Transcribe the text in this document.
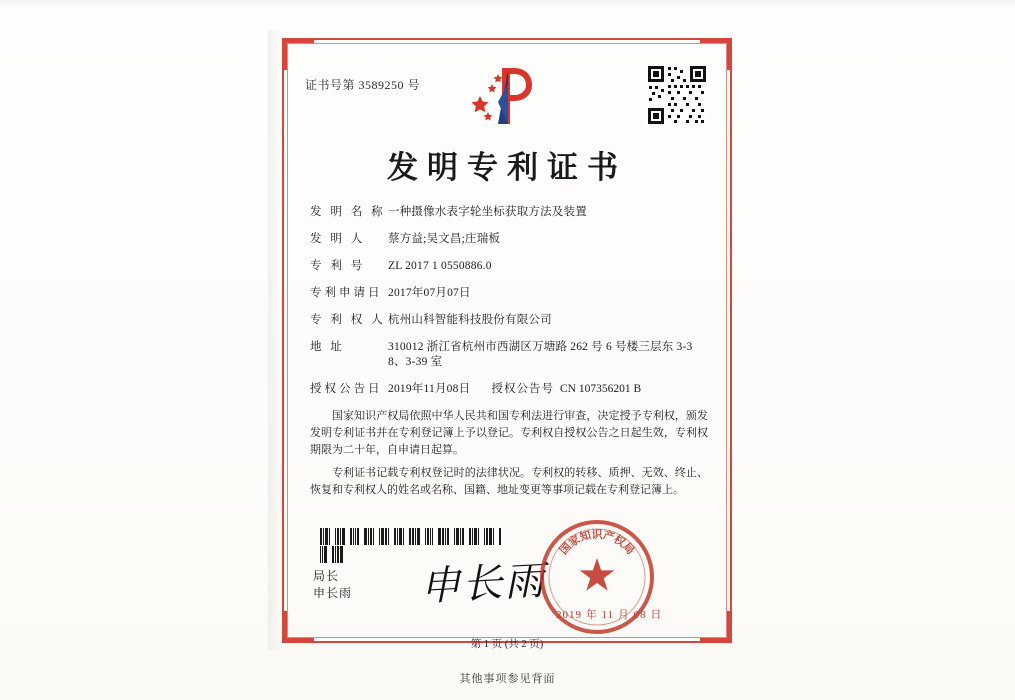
证书号第 3589250 号
发明专利证书
发 明 名 称 一种摄像水表字轮坐标获取方法及装置
发 明 人	蔡方益;吴文昌;庄瑞板
专 利 号	ZL 2017 1 0550886.0
专利申请日 2017年07月07日
专 利 权 人 杭州山科智能科技股份有限公司
地 址	310012 浙江省杭州市西湖区万塘路 262 号 6 号楼三层东 3-38、3-39 室
授权公告日 2019年11月08日	授权公告号 CN 107356201 B

国家知识产权局依照中华人民共和国专利法进行审查，决定授予专利权，颁发发明专利证书并在专利登记簿上予以登记。专利权自授权公告之日起生效，专利权期限为二十年，自申请日起算。

专利证书记载专利权登记时的法律状况。专利权的转移、质押、无效、终止、恢复和专利权人的姓名或名称、国籍、地址变更等事项记载在专利登记簿上。

局长
申长雨 申长雨
国
家
知 识 产
权
局
2019 年 11 月 08 日
第 1 页 (共 2 页)
其他事项参见背面
